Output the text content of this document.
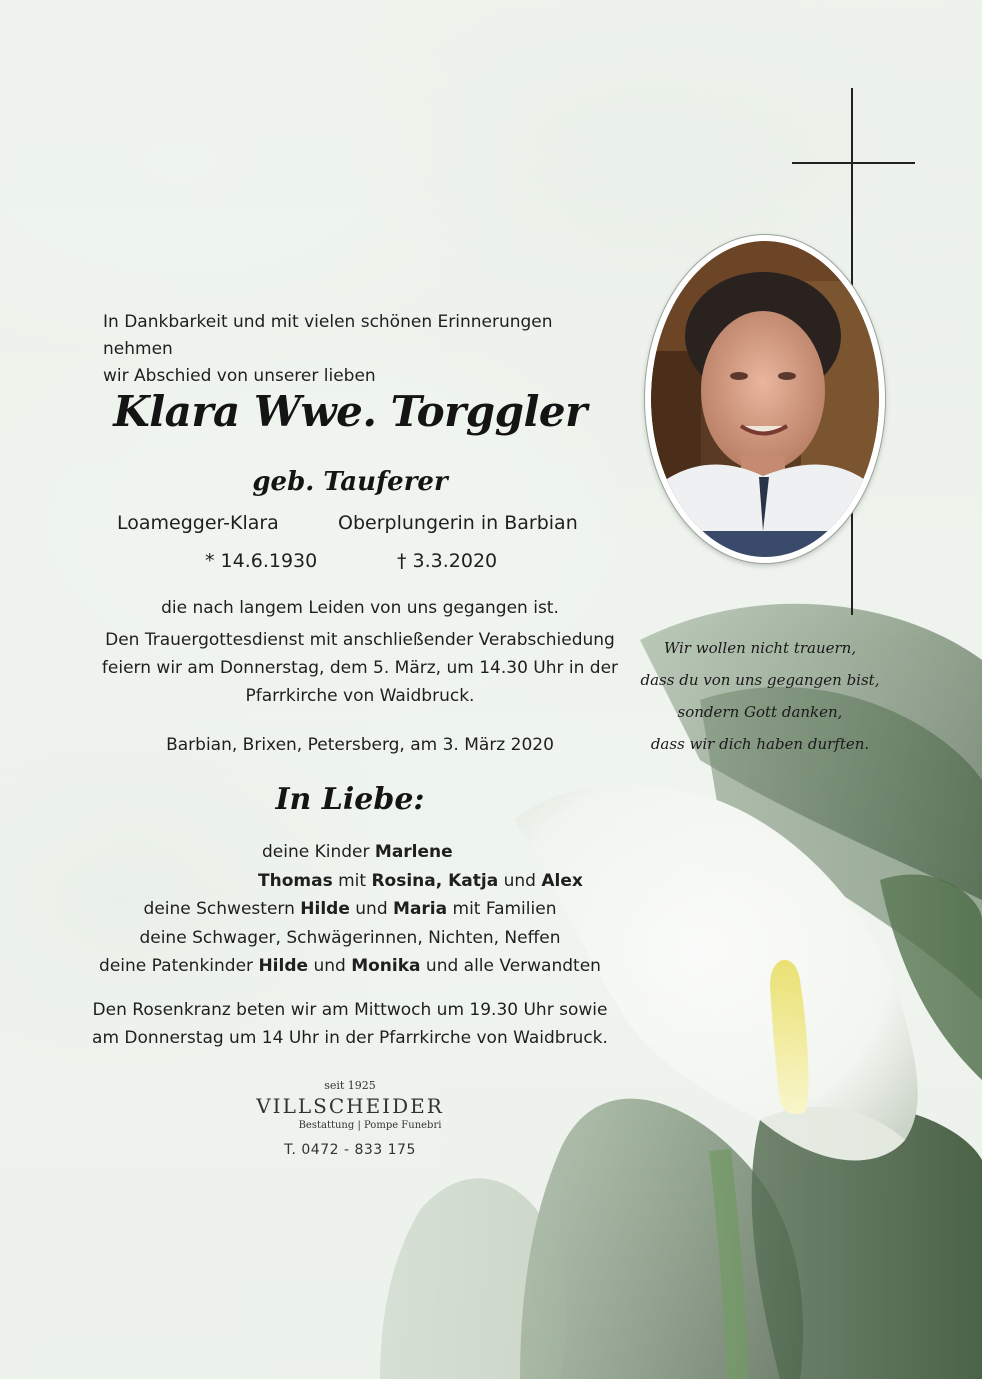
In Dankbarkeit und mit vielen schönen Erinnerungen nehmen
wir Abschied von unserer lieben
Klara Wwe. Torggler
geb. Tauferer
Loamegger-Klara	Oberplungerin in Barbian
* 14.6.1930	† 3.3.2020
die nach langem Leiden von uns gegangen ist.
Den Trauergottesdienst mit anschließender Verabschiedung
feiern wir am Donnerstag, dem 5. März, um 14.30 Uhr in der
Pfarrkirche von Waidbruck.
Barbian, Brixen, Petersberg, am 3. März 2020
In Liebe:
deine Kinder Marlene
Thomas mit Rosina, Katja und Alex
deine Schwestern Hilde und Maria mit Familien
deine Schwager, Schwägerinnen, Nichten, Neffen
deine Patenkinder Hilde und Monika und alle Verwandten
Den Rosenkranz beten wir am Mittwoch um 19.30 Uhr sowie
am Donnerstag um 14 Uhr in der Pfarrkirche von Waidbruck.
seit 1925
VILLSCHEIDER
Bestattung | Pompe Funebri
T. 0472 - 833 175
Wir wollen nicht trauern,
dass du von uns gegangen bist,
sondern Gott danken,
dass wir dich haben durften.
